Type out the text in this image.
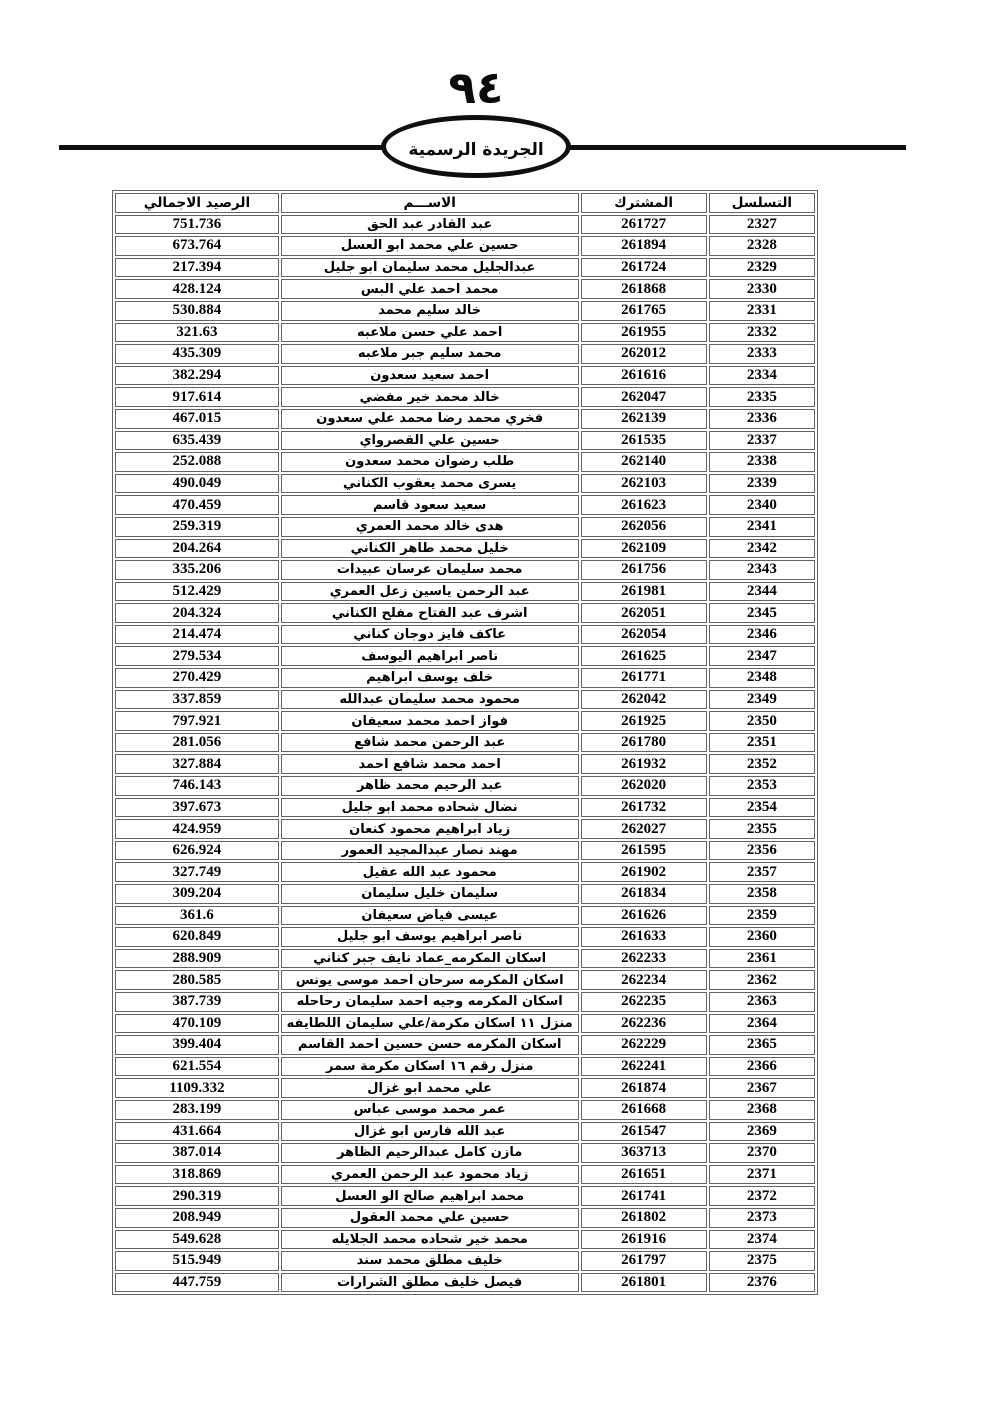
٩٤
الجريدة الرسمية
التسلسل	المشترك	الاســـم	الرصيد الاجمالي
2327	261727	عبد القادر عبد الحق	751.736
2328	261894	حسين علي محمد ابو العسل	673.764
2329	261724	عبدالجليل محمد سليمان ابو جليل	217.394
2330	261868	محمد احمد علي البس	428.124
2331	261765	خالد سليم محمد	530.884
2332	261955	احمد علي حسن ملاعبه	321.63
2333	262012	محمد سليم جبر ملاعبه	435.309
2334	261616	احمد سعيد سعدون	382.294
2335	262047	خالد محمد خير مفضي	917.614
2336	262139	فخري محمد رضا محمد علي سعدون	467.015
2337	261535	حسين علي القصرواي	635.439
2338	262140	طلب رضوان محمد سعدون	252.088
2339	262103	يسرى محمد يعقوب الكناني	490.049
2340	261623	سعيد سعود قاسم	470.459
2341	262056	هدى خالد محمد العمري	259.319
2342	262109	خليل محمد طاهر الكناني	204.264
2343	261756	محمد سليمان عرسان عبيدات	335.206
2344	261981	عبد الرحمن ياسين زعل العمري	512.429
2345	262051	اشرف عبد الفتاح مفلح الكناني	204.324
2346	262054	عاكف فايز دوجان كناني	214.474
2347	261625	ناصر ابراهيم اليوسف	279.534
2348	261771	خلف يوسف ابراهيم	270.429
2349	262042	محمود محمد سليمان عبدالله	337.859
2350	261925	فواز احمد محمد سعيفان	797.921
2351	261780	عبد الرحمن محمد شافع	281.056
2352	261932	احمد محمد شافع احمد	327.884
2353	262020	عبد الرحيم محمد ظاهر	746.143
2354	261732	نضال شحاده محمد ابو جليل	397.673
2355	262027	زياد ابراهيم محمود كنعان	424.959
2356	261595	مهند نصار عبدالمجيد العمور	626.924
2357	261902	محمود عبد الله عقيل	327.749
2358	261834	سليمان خليل سليمان	309.204
2359	261626	عيسى فياض سعيفان	361.6
2360	261633	ناصر ابراهيم يوسف ابو جليل	620.849
2361	262233	اسكان المكرمه_عماد نايف جبر كناني	288.909
2362	262234	اسكان المكرمه سرحان احمد موسى يونس	280.585
2363	262235	اسكان المكرمه وجيه احمد سليمان رحاحله	387.739
2364	262236	منزل ١١ اسكان مكرمة/علي سليمان اللطايفه	470.109
2365	262229	اسكان المكرمه حسن حسين احمد القاسم	399.404
2366	262241	منزل رقم ١٦ اسكان مكرمة سمر	621.554
2367	261874	علي محمد ابو غزال	1109.332
2368	261668	عمر محمد موسى عباس	283.199
2369	261547	عبد الله فارس ابو غزال	431.664
2370	363713	مازن كامل عبدالرحيم الظاهر	387.014
2371	261651	زياد محمود عبد الرحمن العمري	318.869
2372	261741	محمد ابراهيم صالح الو العسل	290.319
2373	261802	حسين علي محمد العقول	208.949
2374	261916	محمد خير شحاده محمد الجلايله	549.628
2375	261797	خليف مطلق محمد سند	515.949
2376	261801	فيصل خليف مطلق الشرارات	447.759
